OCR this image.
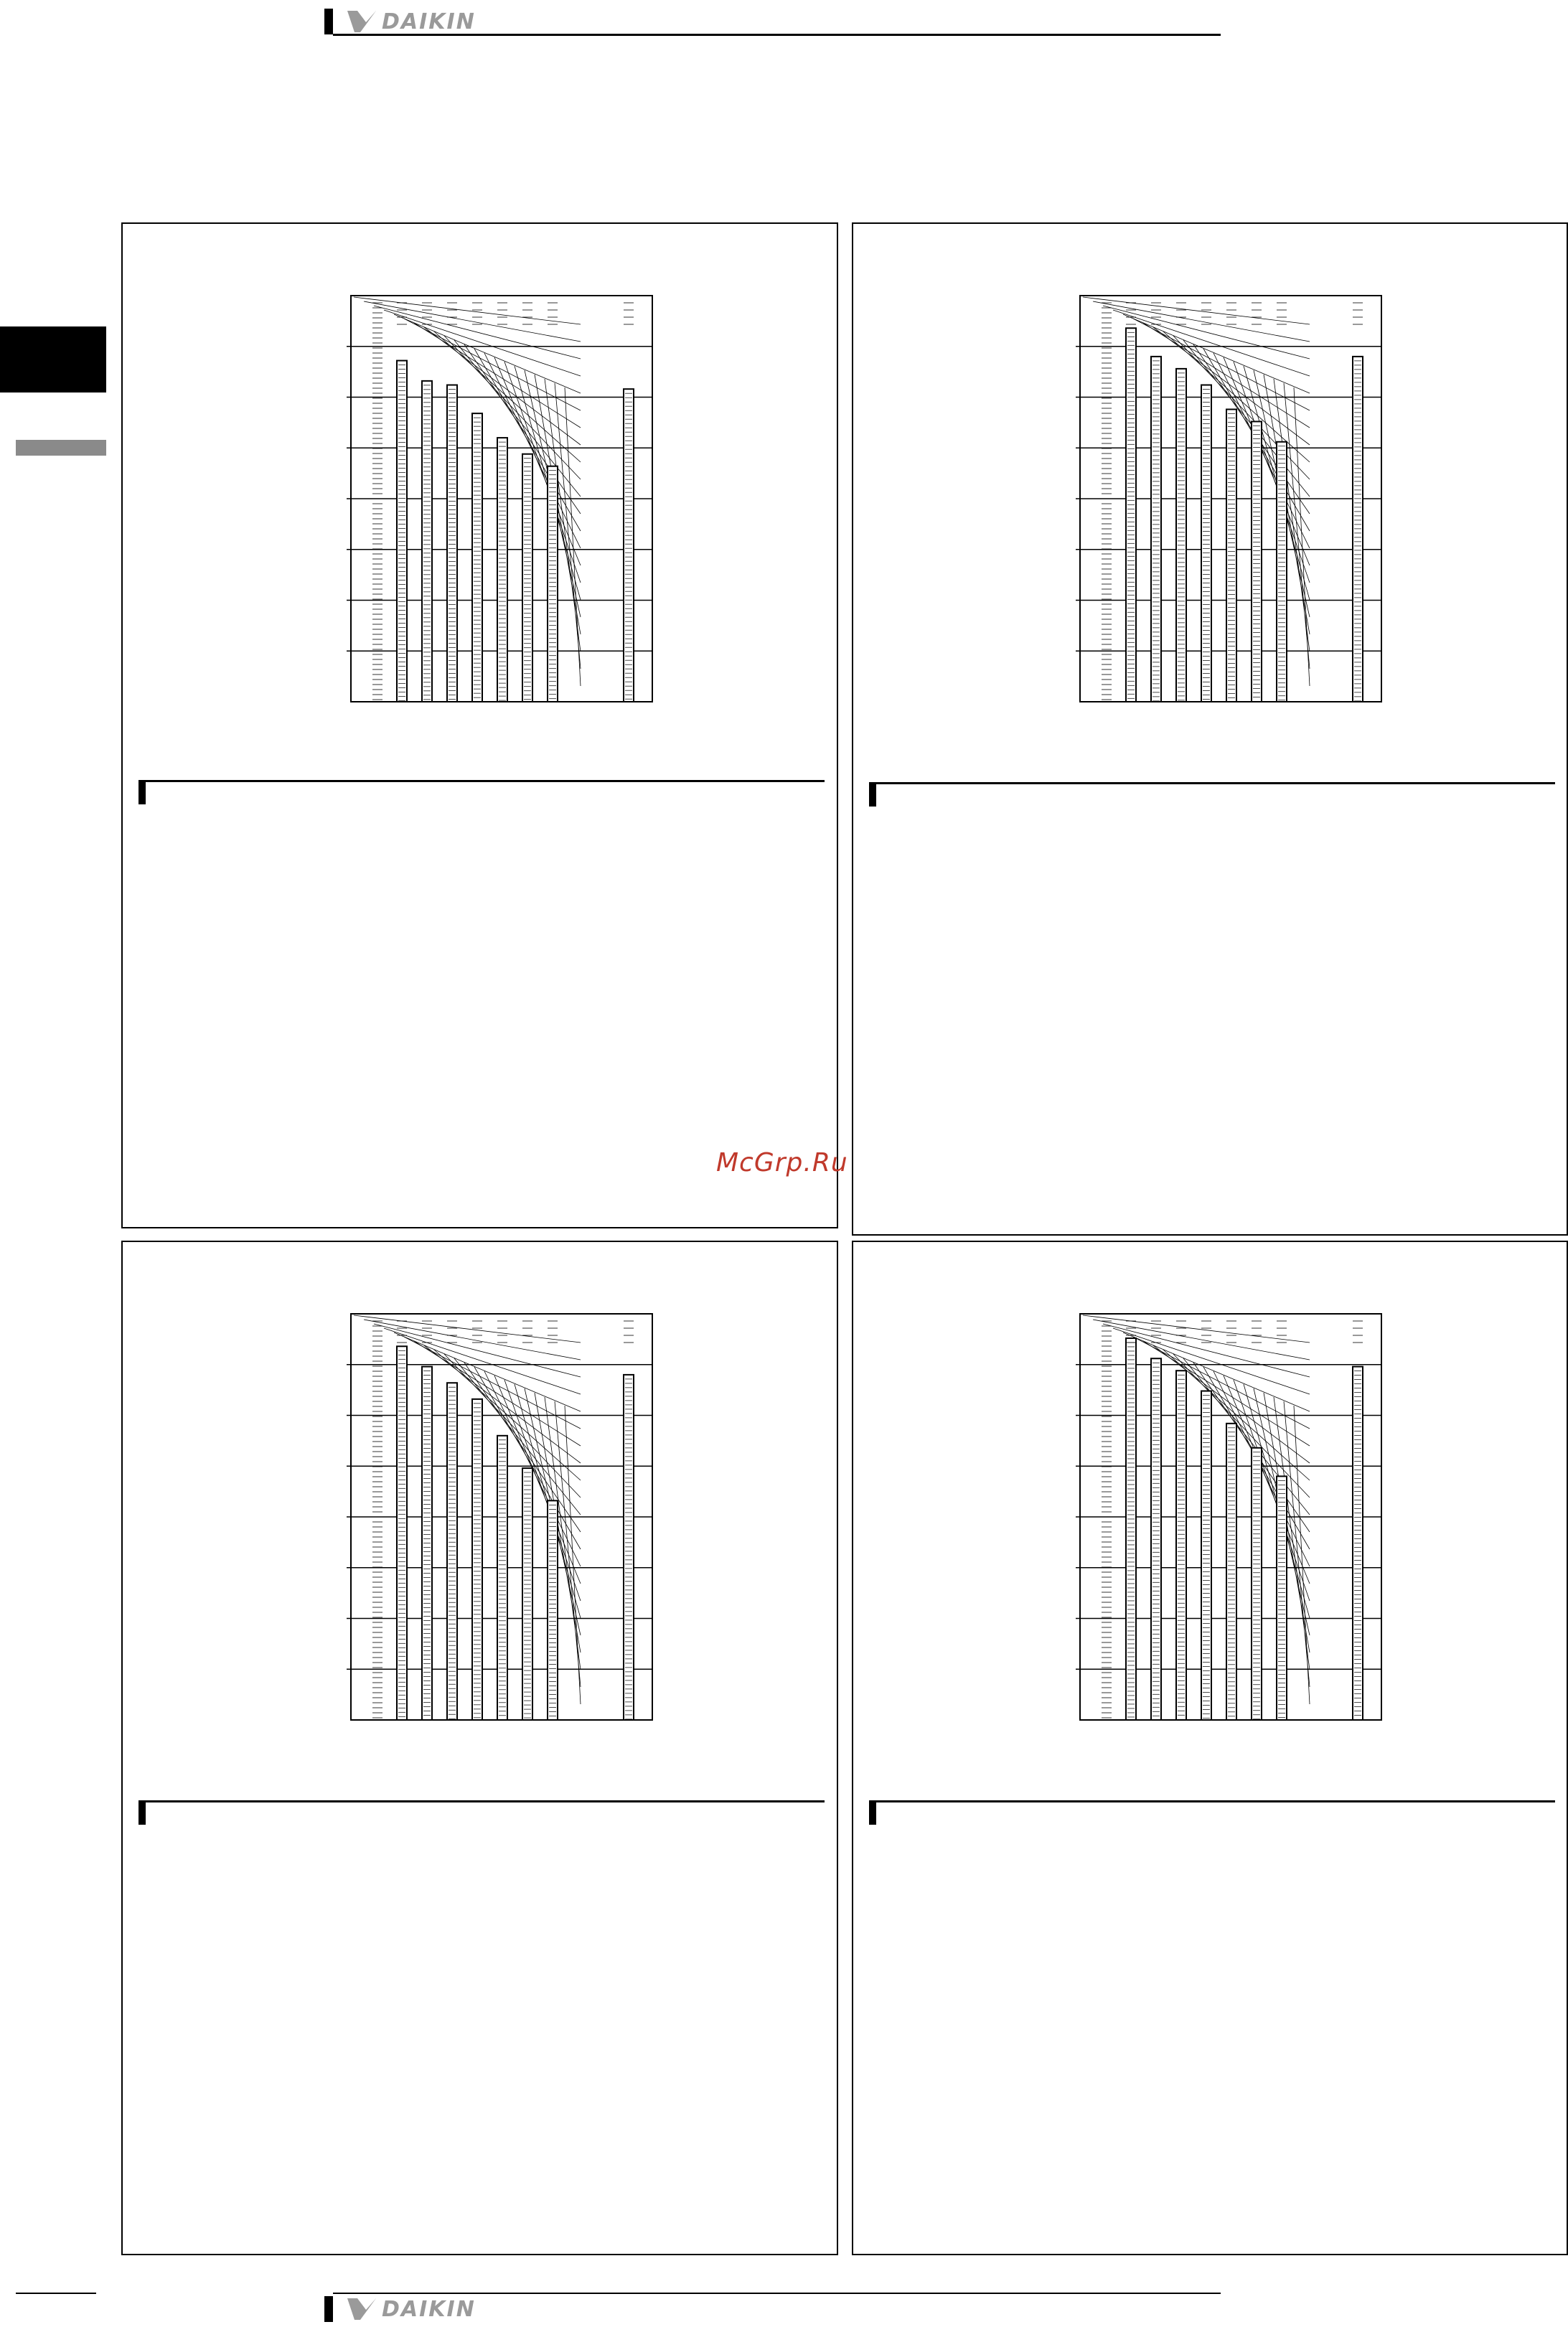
DAIKIN
McGrp.Ru
DAIKIN
